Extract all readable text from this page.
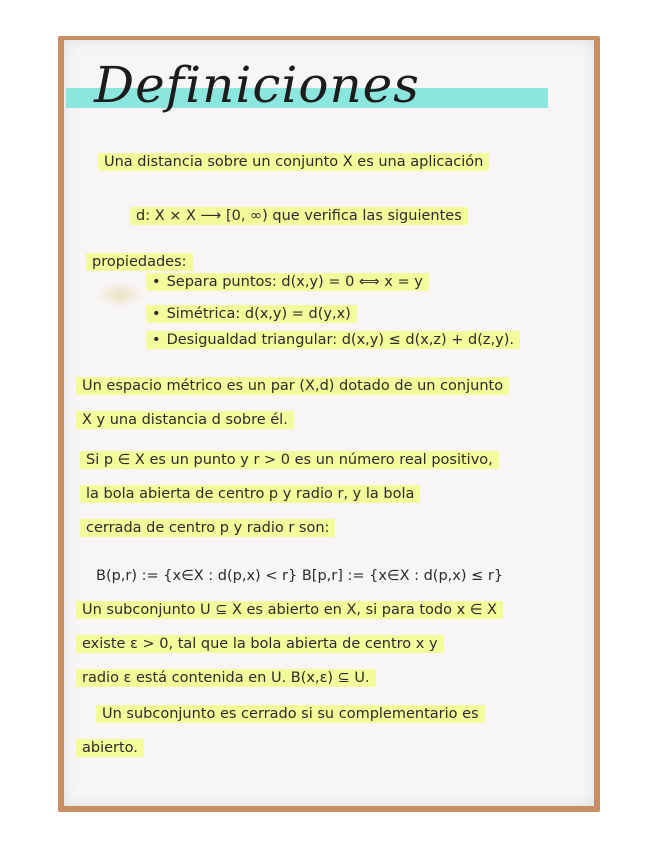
Definiciones
Una distancia sobre un conjunto X es una aplicación
d: X × X ⟶ [0, ∞) que verifica las siguientes
propiedades:
• Separa puntos: d(x,y) = 0 ⟺ x = y
• Simétrica: d(x,y) = d(y,x)
• Desigualdad triangular: d(x,y) ≤ d(x,z) + d(z,y).
Un espacio métrico es un par (X,d) dotado de un conjunto
X y una distancia d sobre él.
Si p ∈ X es un punto y r > 0 es un número real positivo,
la bola abierta de centro p y radio r, y la bola
cerrada de centro p y radio r son:
B(p,r) := {x∈X : d(p,x) < r} B[p,r] := {x∈X : d(p,x) ≤ r}
Un subconjunto U ⊆ X es abierto en X, si para todo x ∈ X
existe ε > 0, tal que la bola abierta de centro x y
radio ε está contenida en U. B(x,ε) ⊆ U.
Un subconjunto es cerrado si su complementario es
abierto.
